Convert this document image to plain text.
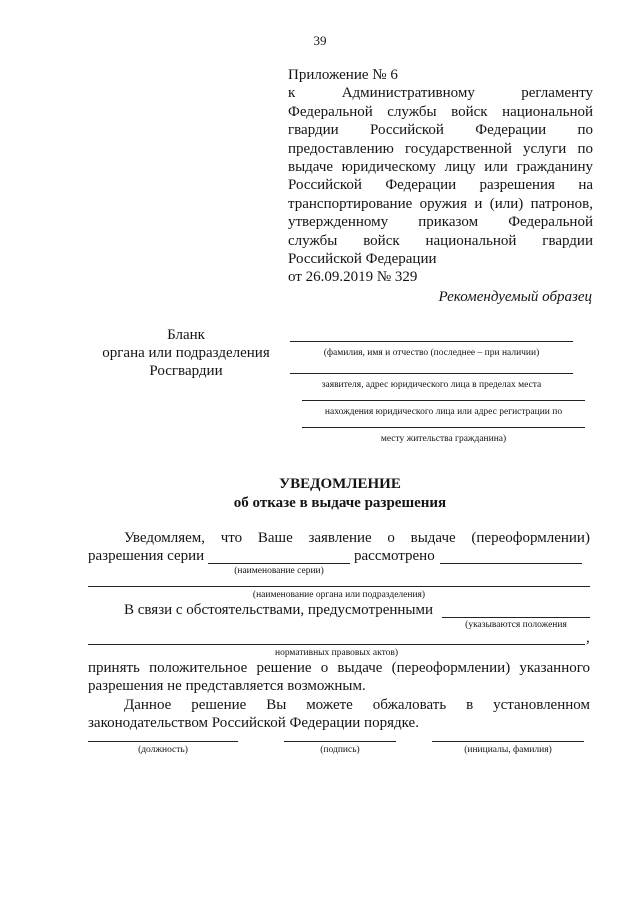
39
Приложение № 6
к	Административному	регламенту
Федеральной службы войск национальной
гвардии Российской Федерации по
предоставлению государственной услуги по
выдаче юридическому лицу или гражданину
Российской Федерации разрешения на
транспортирование оружия и (или) патронов,
утвержденному приказом Федеральной
службы войск национальной гвардии
Российской Федерации
от 26.09.2019 № 329
Рекомендуемый образец
Бланк
органа или подразделения
Росгвардии
(фамилия, имя и отчество (последнее – при наличии)
заявителя, адрес юридического лица в пределах места
нахождения юридического лица или адрес регистрации по
месту жительства гражданина)
УВЕДОМЛЕНИЕ
об отказе в выдаче разрешения
Уведомляем, что Ваше заявление о выдаче (переоформлении)
разрешения серии
(наименование серии)
рассмотрено
(наименование органа или подразделения)
В связи с обстоятельствами, предусмотренными
(указываются положения
,
нормативных правовых актов)
принять положительное решение о выдаче (переоформлении) указанного
разрешения не представляется возможным.
Данное решение Вы можете обжаловать в установленном
законодательством Российской Федерации порядке.
(должность)	(подпись)	(инициалы, фамилия)
